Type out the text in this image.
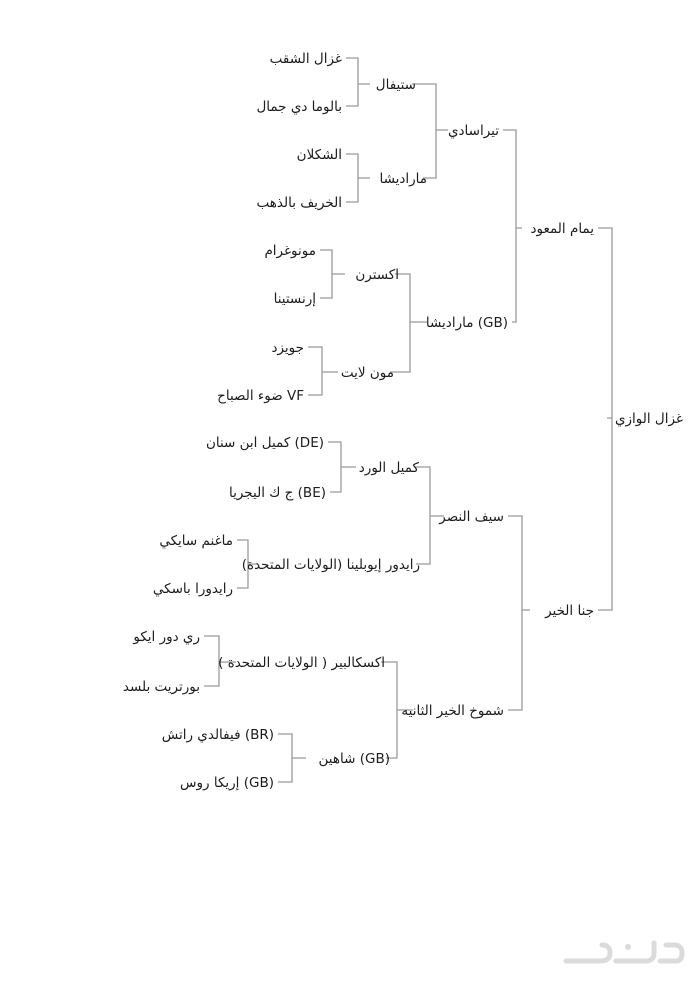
غزال الوازي
يمام المعود
جنا الخير
تيراسادي
مارادیشا (GB)
سيف النصر
شموخ الخير الثانيه
ستيفال
مارادیشا
اكسترن
مون لايت
كميل الورد
رايدور إيوبلينا (الولايات المتحدة)
اكسكالبير ( الولايات المتحدة )
شاهين (GB)
غزال الشقب
بالوما دي جمال
الشكلان
الخريف بالذهب
مونوغرام
إرنستينا
جويزد
ضوء الصباح VF
كميل ابن سنان (DE)
ج ك اليجريا (BE)
ماغنم سايكي
رايدورا باسكي
ري دور ايكو
بورتريت بلسد
فيفالدي راتش (BR)
إريكا روس (GB)
